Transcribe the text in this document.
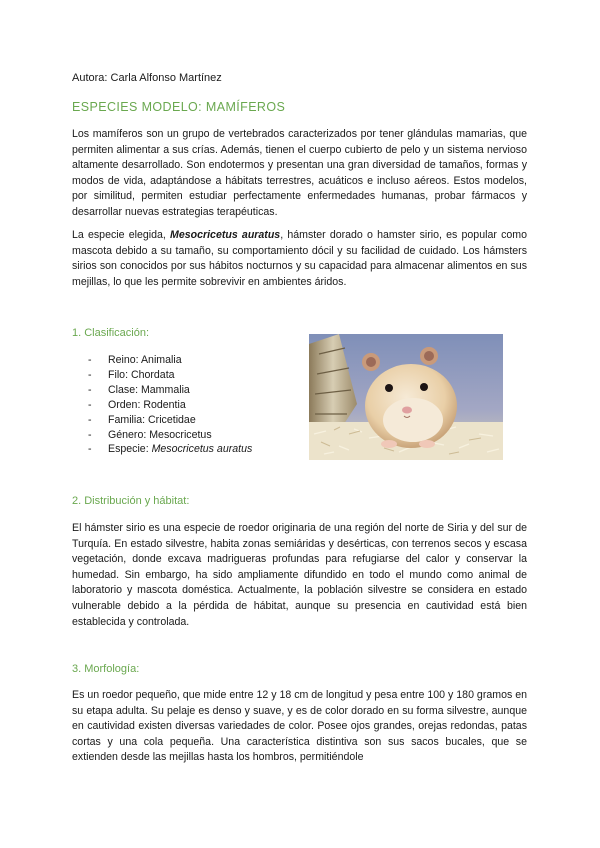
Autora: Carla Alfonso Martínez
ESPECIES MODELO: MAMÍFEROS

Los mamíferos son un grupo de vertebrados caracterizados por tener glándulas mamarias, que permiten alimentar a sus crías. Además, tienen el cuerpo cubierto de pelo y un sistema nervioso altamente desarrollado. Son endotermos y presentan una gran diversidad de tamaños, formas y modos de vida, adaptándose a hábitats terrestres, acuáticos e incluso aéreos. Estos modelos, por similitud, permiten estudiar perfectamente enfermedades humanas, probar fármacos y desarrollar nuevas estrategias terapéuticas.

La especie elegida, Mesocricetus auratus, hámster dorado o hamster sirio, es popular como mascota debido a su tamaño, su comportamiento dócil y su facilidad de cuidado. Los hámsters sirios son conocidos por sus hábitos nocturnos y su capacidad para almacenar alimentos en sus mejillas, lo que les permite sobrevivir en ambientes áridos.

1. Clasificación:
- Reino: Animalia
- Filo: Chordata
- Clase: Mammalia
- Orden: Rodentia
- Familia: Cricetidae
- Género: Mesocricetus
- Especie: Mesocricetus auratus
2. Distribución y hábitat:

El hámster sirio es una especie de roedor originaria de una región del norte de Siria y del sur de Turquía. En estado silvestre, habita zonas semiáridas y desérticas, con terrenos secos y escasa vegetación, donde excava madrigueras profundas para refugiarse del calor y conservar la humedad. Sin embargo, ha sido ampliamente difundido en todo el mundo como animal de laboratorio y mascota doméstica. Actualmente, la población silvestre se considera en estado vulnerable debido a la pérdida de hábitat, aunque su presencia en cautividad está bien establecida y controlada.

3. Morfología:

Es un roedor pequeño, que mide entre 12 y 18 cm de longitud y pesa entre 100 y 180 gramos en su etapa adulta. Su pelaje es denso y suave, y es de color dorado en su forma silvestre, aunque en cautividad existen diversas variedades de color. Posee ojos grandes, orejas redondas, patas cortas y una cola pequeña. Una característica distintiva son sus sacos bucales, que se extienden desde las mejillas hasta los hombros, permitiéndole
